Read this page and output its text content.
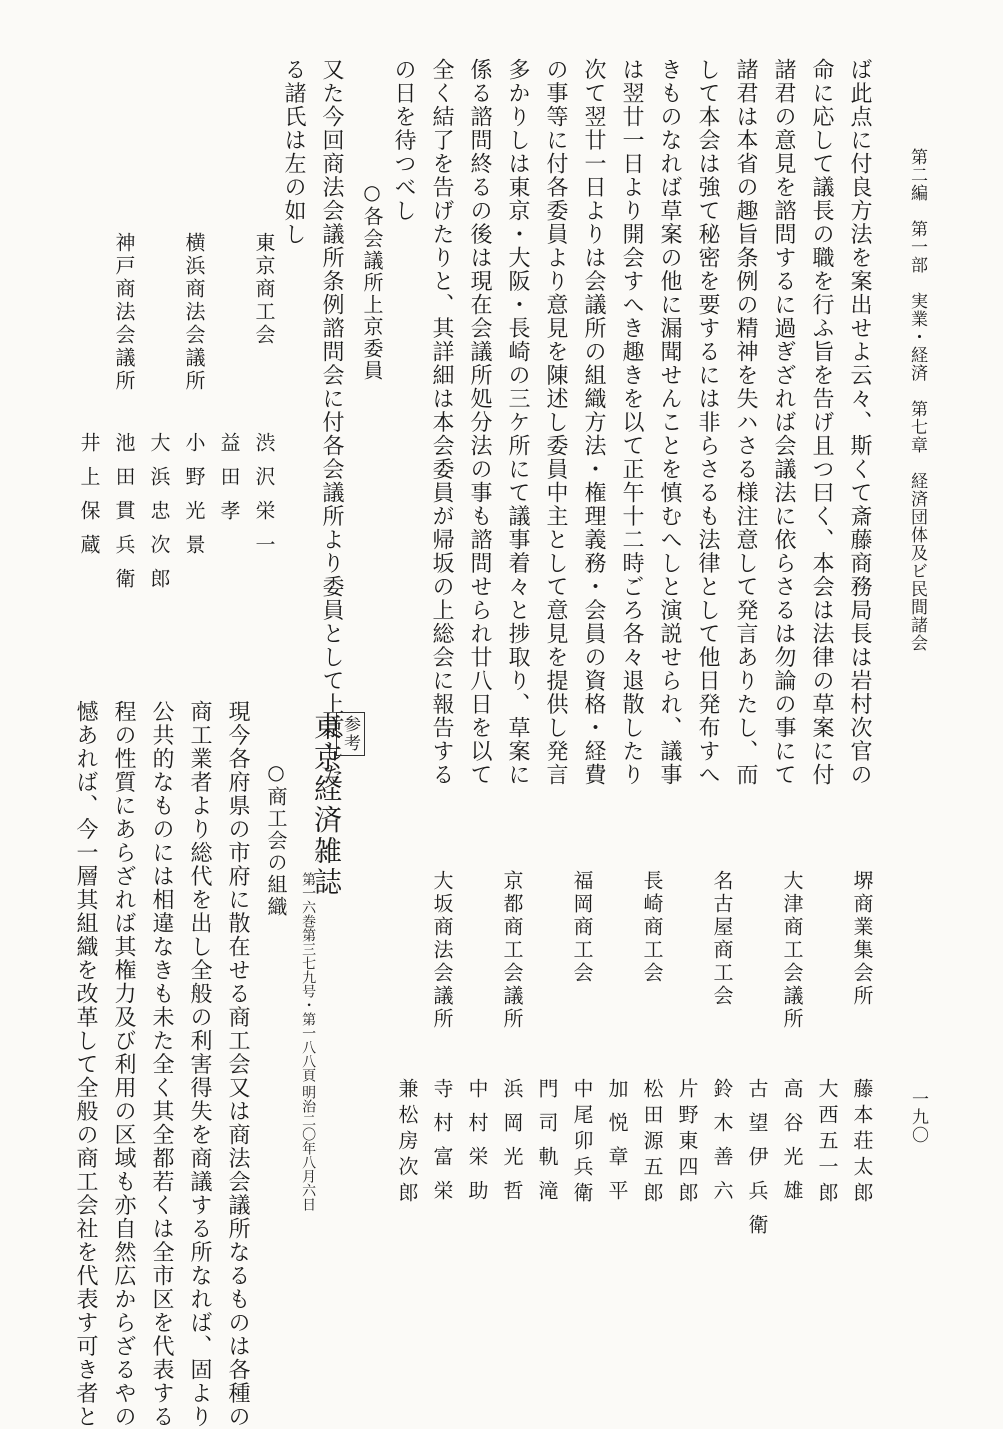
第二編　第一部　実業・経済　第七章　経済団体及ビ民間諸会
一九〇
ば此点に付良方法を案出せよ云々、斯くて斎藤商務局長は岩村次官の
命に応して議長の職を行ふ旨を告げ且つ曰く、本会は法律の草案に付
諸君の意見を諮問するに過ぎざれば会議法に依らさるは勿論の事にて
諸君は本省の趣旨条例の精神を失ハさる様注意して発言ありたし、而
して本会は強て秘密を要するには非らさるも法律として他日発布すへ
きものなれば草案の他に漏聞せんことを慎むへしと演説せられ、議事
は翌廿一日より開会すへき趣きを以て正午十二時ごろ各々退散したり
次て翌廿一日よりは会議所の組織方法・権理義務・会員の資格・経費
の事等に付各委員より意見を陳述し委員中主として意見を提供し発言
多かりしは東京・大阪・長崎の三ケ所にて議事着々と捗取り、草案に
係る諮問終るの後は現在会議所処分法の事も諮問せられ廿八日を以て
全く結了を告げたりと、其詳細は本会委員が帰坂の上総会に報告する
の日を待つべし
○各会議所上京委員
又た今回商法会議所条例諮問会に付各会議所より委員として上京した
る諸氏は左の如し
東京商工会
渋沢栄一
益田孝
横浜商法会議所
小野光景
大浜忠次郎
神戸商法会議所
池田貫兵衛
井上保蔵
堺商業集会所
藤本荘太郎
大西五一郎
大津商工会議所
高谷光雄
古望伊兵衛
名古屋商工会
鈴木善六
片野東四郎
長崎商工会
松田源五郎
加悦章平
福岡商工会
中尾卯兵衛
門司軌滝
京都商工会議所
浜岡光哲
中村栄助
大坂商法会議所
寺村富栄
兼松房次郎
参考
東京経済雑誌
第一六巻第三七九号・第一八八頁
明治二〇年八月六日
○商工会の組織
現今各府県の市府に散在せる商工会又は商法会議所なるものは各種の
商工業者より総代を出し全般の利害得失を商議する所なれば、固より
公共的なものには相違なきも未た全く其全都若くは全市区を代表する
程の性質にあらざれば其権力及び利用の区域も亦自然広からざるやの
憾あれば、今一層其組織を改革して全般の商工会社を代表す可き者と
